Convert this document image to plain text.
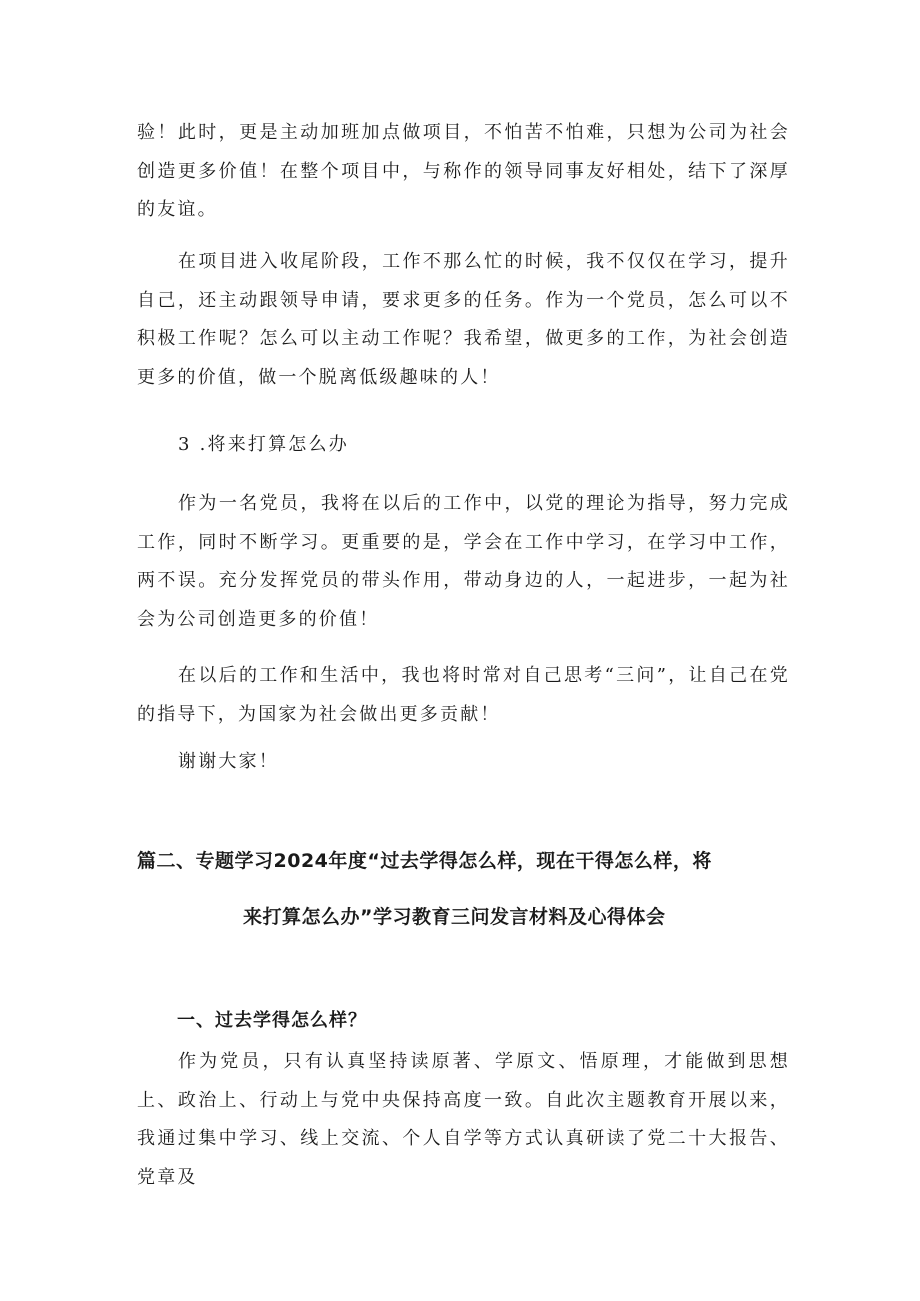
验！此时，更是主动加班加点做项目，不怕苦不怕难，只想为公司为社会创造更多价值！在整个项目中，与称作的领导同事友好相处，结下了深厚的友谊。

在项目进入收尾阶段，工作不那么忙的时候，我不仅仅在学习，提升自己，还主动跟领导申请，要求更多的任务。作为一个党员，怎么可以不积极工作呢？怎么可以主动工作呢？我希望，做更多的工作，为社会创造更多的价值，做一个脱离低级趣味的人！

3 .将来打算怎么办

作为一名党员，我将在以后的工作中，以党的理论为指导，努力完成工作，同时不断学习。更重要的是，学会在工作中学习，在学习中工作，两不误。充分发挥党员的带头作用，带动身边的人，一起进步，一起为社会为公司创造更多的价值！

在以后的工作和生活中，我也将时常对自己思考“三问”，让自己在党的指导下，为国家为社会做出更多贡献！

谢谢大家！

篇二、专题学习2024年度“过去学得怎么样，现在干得怎么样，将
来打算怎么办”学习教育三问发言材料及心得体会
一、过去学得怎么样？

作为党员，只有认真坚持读原著、学原文、悟原理，才能做到思想上、政治上、行动上与党中央保持高度一致。自此次主题教育开展以来，我通过集中学习、线上交流、个人自学等方式认真研读了党二十大报告、党章及
